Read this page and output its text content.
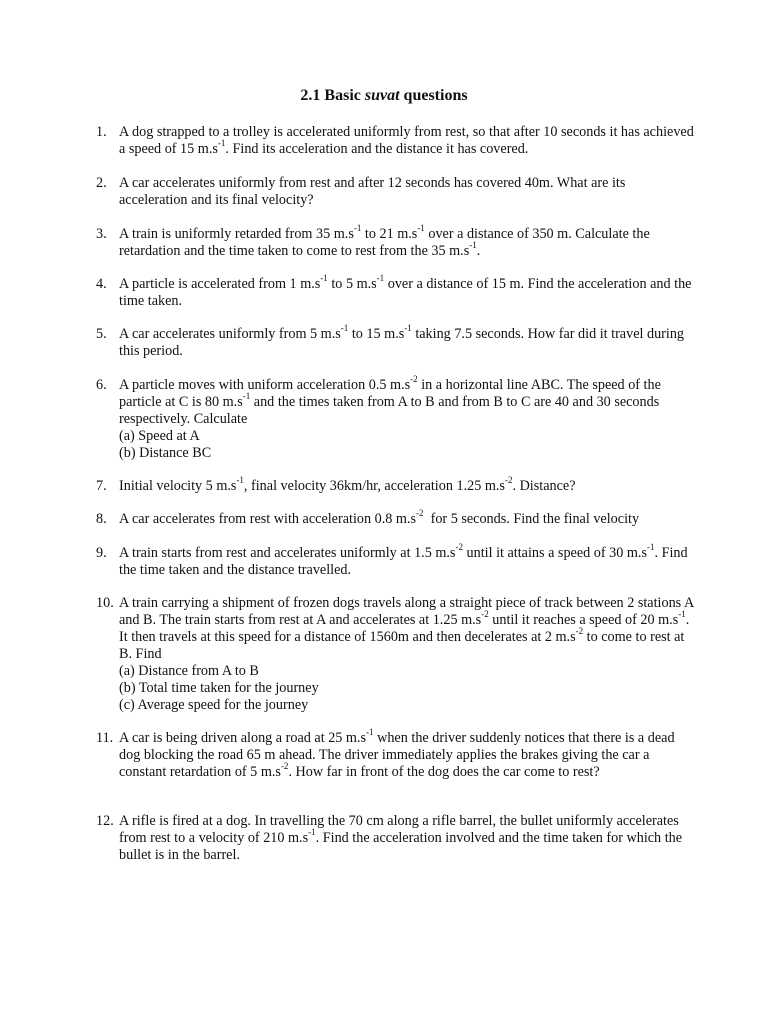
2.1 Basic suvat questions
1. A dog strapped to a trolley is accelerated uniformly from rest, so that after 10 seconds it has achieved a speed of 15 $m.s^{-1}$. Find its acceleration and the distance it has covered.
2. A car accelerates uniformly from rest and after 12 seconds has covered 40m. What are its acceleration and its final velocity?
3. A train is uniformly retarded from 35 $m.s^{-1}$ to 21 $m.s^{-1}$ over a distance of 350 m. Calculate the retardation and the time taken to come to rest from the 35 $m.s^{-1}$.
4. A particle is accelerated from 1 $m.s^{-1}$ to 5 $m.s^{-1}$ over a distance of 15 m. Find the acceleration and the time taken.
5. A car accelerates uniformly from 5 $m.s^{-1}$ to 15 $m.s^{-1}$ taking 7.5 seconds. How far did it travel during this period.
6. A particle moves with uniform acceleration 0.5 $m.s^{-2}$ in a horizontal line ABC. The speed of the particle at C is 80 $m.s^{-1}$ and the times taken from A to B and from B to C are 40 and 30 seconds respectively. Calculate

(a) Speed at A

(b) Distance BC

7. Initial velocity 5 $m.s^{-1}$, final velocity 36km/hr, acceleration 1.25 $m.s^{-2}$. Distance?
8. A car accelerates from rest with acceleration 0.8 $m.s^{-2}$  for 5 seconds. Find the final velocity
9. A train starts from rest and accelerates uniformly at 1.5 $m.s^{-2}$ until it attains a speed of 30 $m.s^{-1}$. Find the time taken and the distance travelled.
10. A train carrying a shipment of frozen dogs travels along a straight piece of track between 2 stations A and B. The train starts from rest at A and accelerates at 1.25 $m.s^{-2}$ until it reaches a speed of 20 $m.s^{-1}$. It then travels at this speed for a distance of 1560m and then decelerates at 2 $m.s^{-2}$ to come to rest at B. Find

(a) Distance from A to B

(b) Total time taken for the journey

(c) Average speed for the journey

11. A car is being driven along a road at 25 $m.s^{-1}$ when the driver suddenly notices that there is a dead dog blocking the road 65 m ahead. The driver immediately applies the brakes giving the car a constant retardation of 5 $m.s^{-2}$. How far in front of the dog does the car come to rest?
12. A rifle is fired at a dog. In travelling the 70 cm along a rifle barrel, the bullet uniformly accelerates from rest to a velocity of 210 $m.s^{-1}$. Find the acceleration involved and the time taken for which the bullet is in the barrel.
